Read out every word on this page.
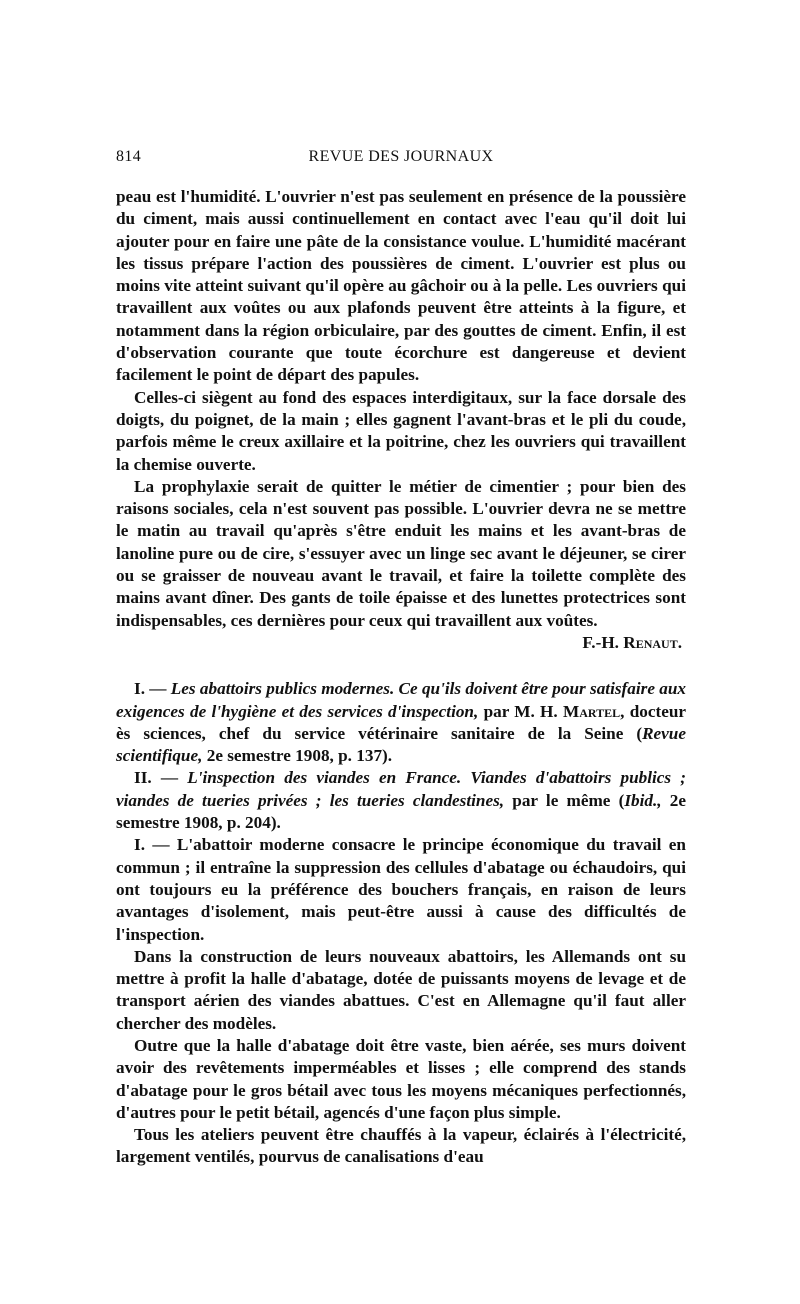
814	REVUE DES JOURNAUX

peau est l'humidité. L'ouvrier n'est pas seulement en présence de la poussière du ciment, mais aussi continuellement en contact avec l'eau qu'il doit lui ajouter pour en faire une pâte de la consistance voulue. L'humidité macérant les tissus prépare l'action des poussières de ciment. L'ouvrier est plus ou moins vite atteint suivant qu'il opère au gâchoir ou à la pelle. Les ouvriers qui travaillent aux voûtes ou aux plafonds peuvent être atteints à la figure, et notamment dans la région orbiculaire, par des gouttes de ciment. Enfin, il est d'observation courante que toute écorchure est dangereuse et devient facilement le point de départ des papules.

Celles-ci siègent au fond des espaces interdigitaux, sur la face dorsale des doigts, du poignet, de la main ; elles gagnent l'avant-bras et le pli du coude, parfois même le creux axillaire et la poitrine, chez les ouvriers qui travaillent la chemise ouverte.

La prophylaxie serait de quitter le métier de cimentier ; pour bien des raisons sociales, cela n'est souvent pas possible. L'ouvrier devra ne se mettre le matin au travail qu'après s'être enduit les mains et les avant-bras de lanoline pure ou de cire, s'essuyer avec un linge sec avant le déjeuner, se cirer ou se graisser de nouveau avant le travail, et faire la toilette complète des mains avant dîner. Des gants de toile épaisse et des lunettes protectrices sont indispensables, ces dernières pour ceux qui travaillent aux voûtes.

F.-H. Renaut.

I. — Les abattoirs publics modernes. Ce qu'ils doivent être pour satisfaire aux exigences de l'hygiène et des services d'inspection, par M. H. Martel, docteur ès sciences, chef du service vétérinaire sanitaire de la Seine (Revue scientifique, 2e semestre 1908, p. 137).

II. — L'inspection des viandes en France. Viandes d'abattoirs publics ; viandes de tueries privées ; les tueries clandestines, par le même (Ibid., 2e semestre 1908, p. 204).

I. — L'abattoir moderne consacre le principe économique du travail en commun ; il entraîne la suppression des cellules d'abatage ou échaudoirs, qui ont toujours eu la préférence des bouchers français, en raison de leurs avantages d'isolement, mais peut-être aussi à cause des difficultés de l'inspection.

Dans la construction de leurs nouveaux abattoirs, les Allemands ont su mettre à profit la halle d'abatage, dotée de puissants moyens de levage et de transport aérien des viandes abattues. C'est en Allemagne qu'il faut aller chercher des modèles.

Outre que la halle d'abatage doit être vaste, bien aérée, ses murs doivent avoir des revêtements imperméables et lisses ; elle comprend des stands d'abatage pour le gros bétail avec tous les moyens mécaniques perfectionnés, d'autres pour le petit bétail, agencés d'une façon plus simple.

Tous les ateliers peuvent être chauffés à la vapeur, éclairés à l'électricité, largement ventilés, pourvus de canalisations d'eau
